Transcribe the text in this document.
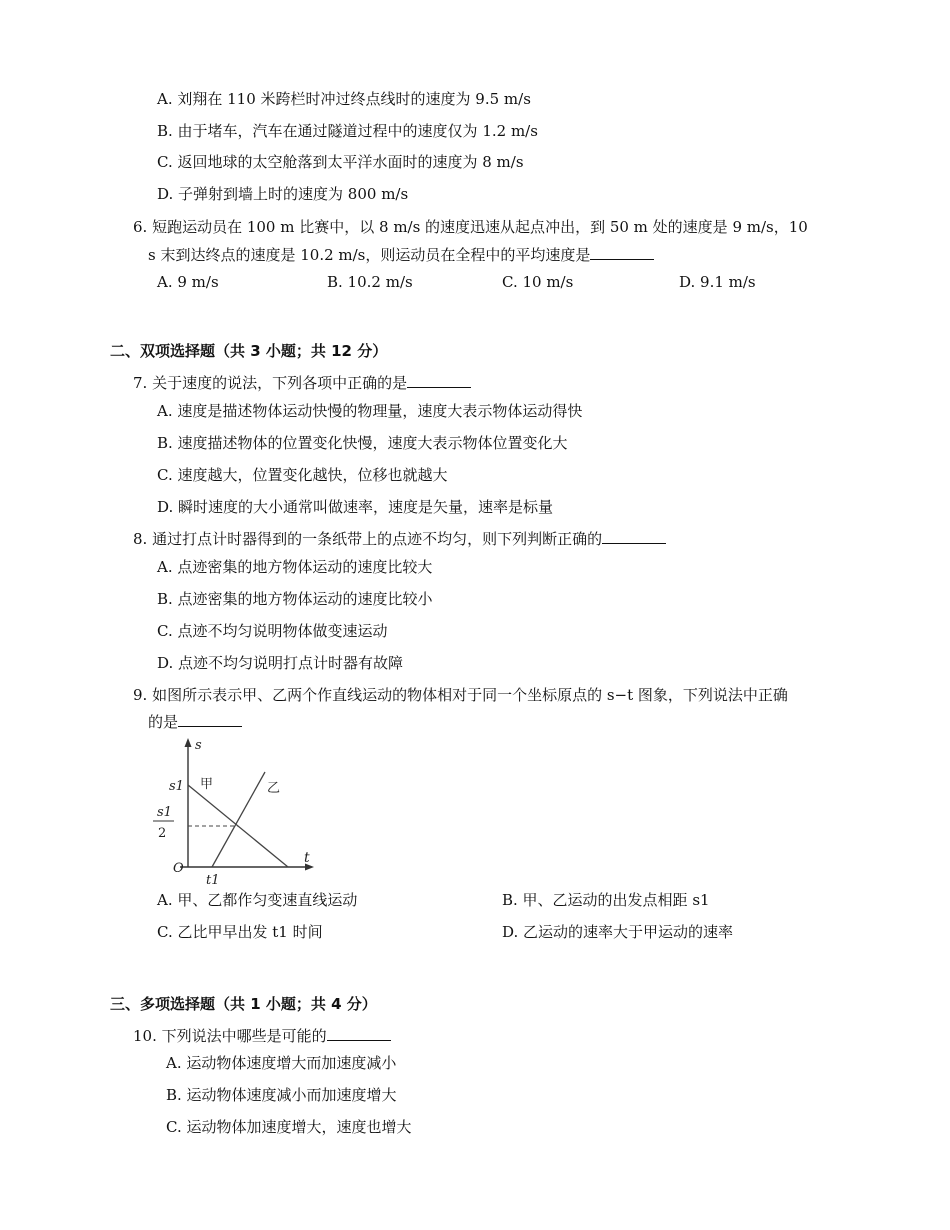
A. 刘翔在 110 米跨栏时冲过终点线时的速度为 9.5 m/s
B. 由于堵车，汽车在通过隧道过程中的速度仅为 1.2 m/s
C. 返回地球的太空舱落到太平洋水面时的速度为 8 m/s
D. 子弹射到墙上时的速度为 800 m/s
6. 短跑运动员在 100 m 比赛中，以 8 m/s 的速度迅速从起点冲出，到 50 m 处的速度是 9 m/s，10
s 末到达终点的速度是 10.2 m/s，则运动员在全程中的平均速度是
A. 9 m/s	B. 10.2 m/s	C. 10 m/s	D. 9.1 m/s
二、双项选择题（共 3 小题；共 12 分）
7. 关于速度的说法，下列各项中正确的是
A. 速度是描述物体运动快慢的物理量，速度大表示物体运动得快
B. 速度描述物体的位置变化快慢，速度大表示物体位置变化大
C. 速度越大，位置变化越快，位移也就越大
D. 瞬时速度的大小通常叫做速率，速度是矢量，速率是标量
8. 通过打点计时器得到的一条纸带上的点迹不均匀，则下列判断正确的
A. 点迹密集的地方物体运动的速度比较大
B. 点迹密集的地方物体运动的速度比较小
C. 点迹不均匀说明物体做变速运动
D. 点迹不均匀说明打点计时器有故障
9. 如图所示表示甲、乙两个作直线运动的物体相对于同一个坐标原点的 s−t 图象，下列说法中正确
的是
s
t
O
s1
s1
2
t1
甲	乙
A. 甲、乙都作匀变速直线运动	B. 甲、乙运动的出发点相距 s1
C. 乙比甲早出发 t1 时间	D. 乙运动的速率大于甲运动的速率
三、多项选择题（共 1 小题；共 4 分）
10. 下列说法中哪些是可能的
A. 运动物体速度增大而加速度减小
B. 运动物体速度减小而加速度增大
C. 运动物体加速度增大，速度也增大
